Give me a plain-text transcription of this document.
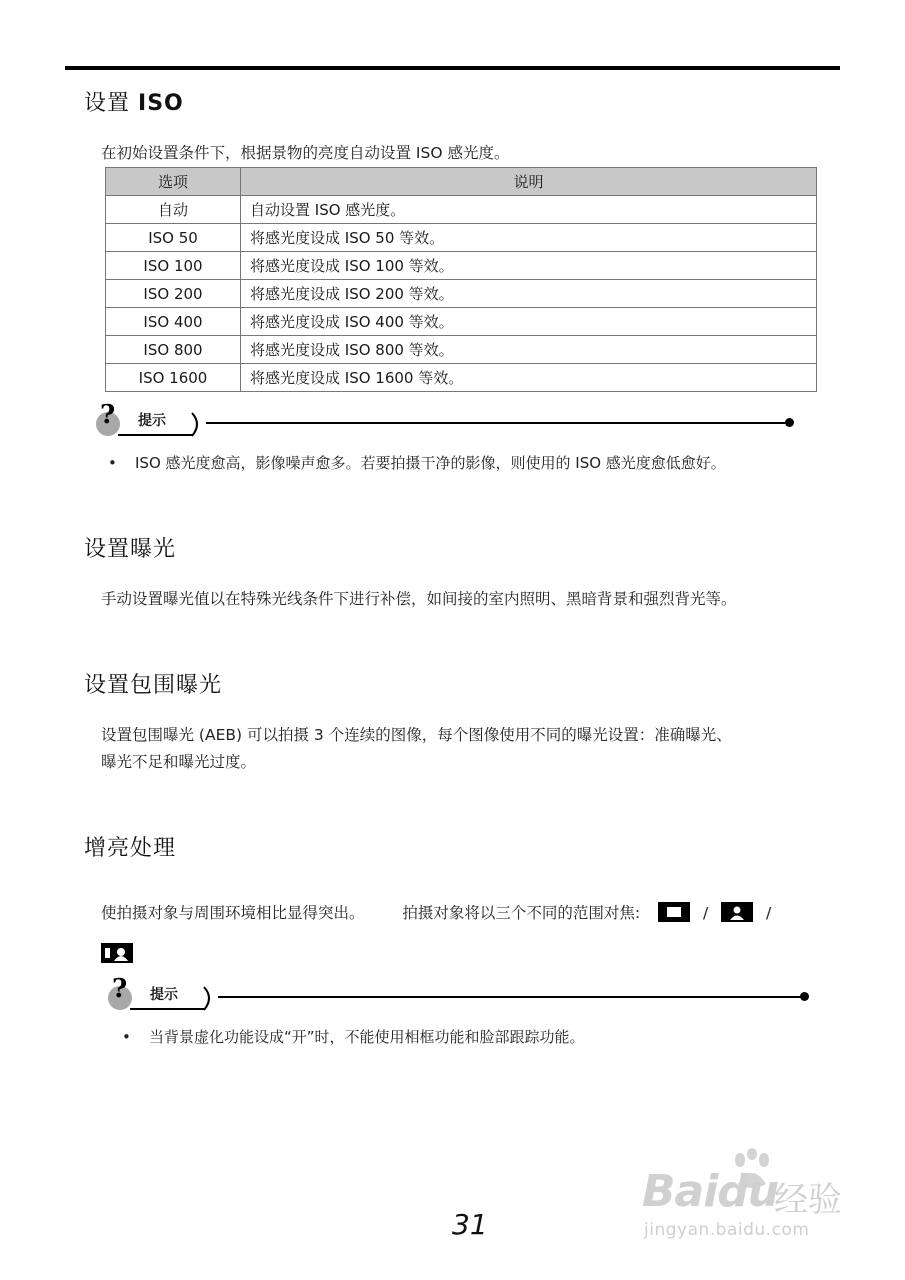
设置 ISO

在初始设置条件下，根据景物的亮度自动设置 ISO 感光度。

选项	说明
自动	自动设置 ISO 感光度。
ISO 50	将感光度设成 ISO 50 等效。
ISO 100	将感光度设成 ISO 100 等效。
ISO 200	将感光度设成 ISO 200 等效。
ISO 400	将感光度设成 ISO 400 等效。
ISO 800	将感光度设成 ISO 800 等效。
ISO 1600	将感光度设成 ISO 1600 等效。
? 提示

• ISO 感光度愈高，影像噪声愈多。若要拍摄干净的影像，则使用的 ISO 感光度愈低愈好。

设置曝光

手动设置曝光值以在特殊光线条件下进行补偿，如间接的室内照明、黑暗背景和强烈背光等。

设置包围曝光

设置包围曝光 (AEB) 可以拍摄 3 个连续的图像，每个图像使用不同的曝光设置：准确曝光、

曝光不足和曝光过度。

增亮处理

使拍摄对象与周围环境相比显得突出。 拍摄对象将以三个不同的范围对焦:	/	/

? 提示

• 当背景虚化功能设成“开”时，不能使用相框功能和脸部跟踪功能。

31
Baidu
经验
jingyan.baidu.com
